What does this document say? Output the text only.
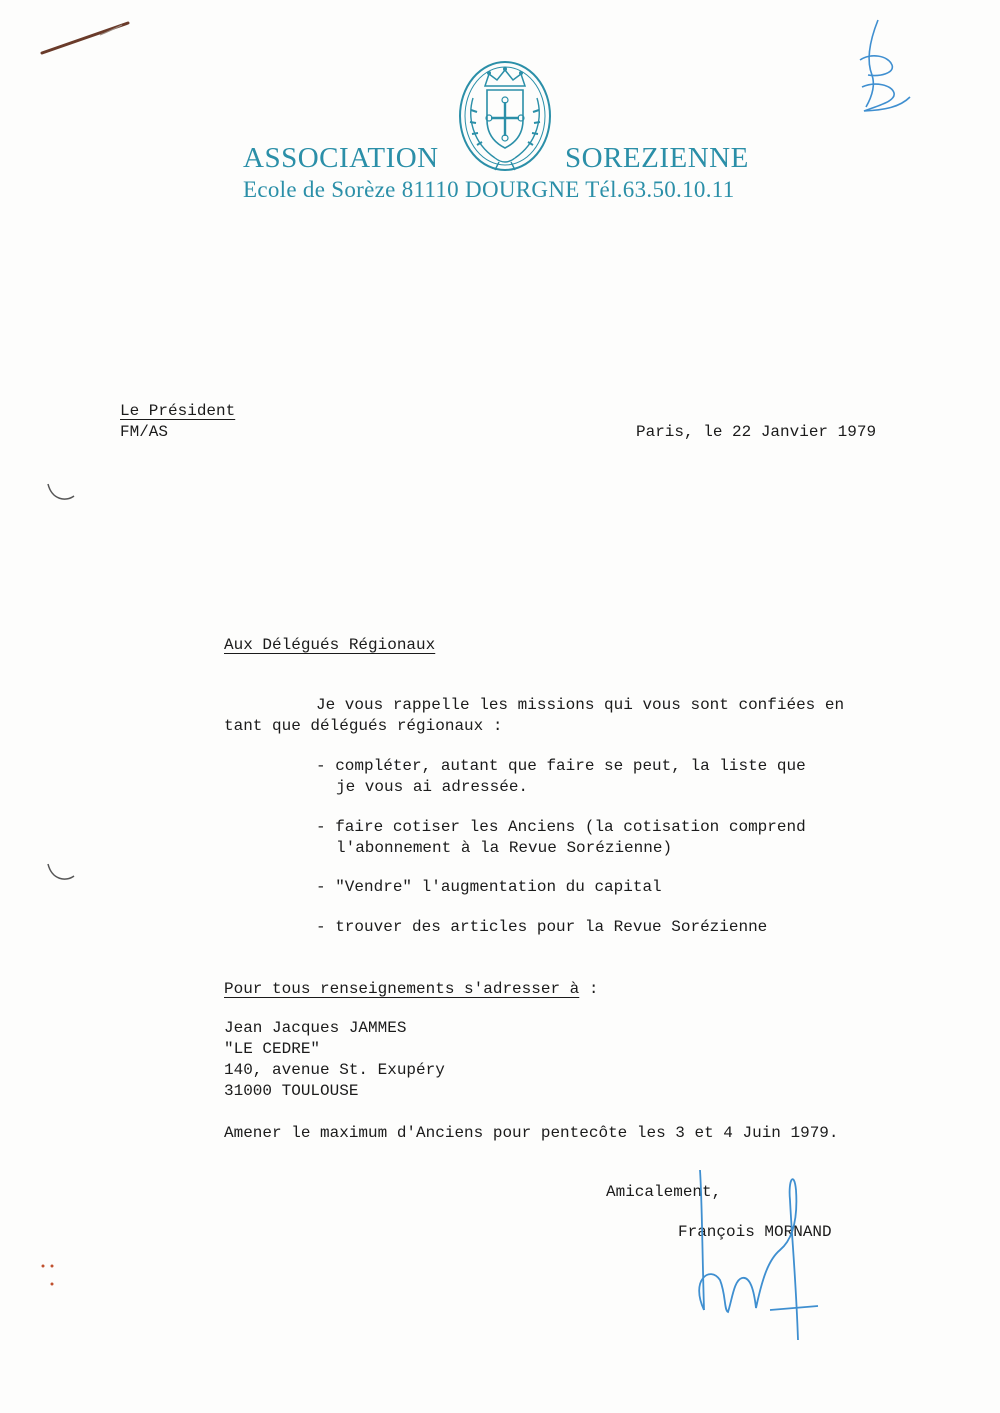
ASSOCIATION	SOREZIENNE
Ecole de Sorèze 81110 DOURGNE Tél.63.50.10.11
Le Président
FM/AS	Paris, le 22 Janvier 1979
Aux Délégués Régionaux
Je vous rappelle les missions qui vous sont confiées en
tant que délégués régionaux :
- compléter, autant que faire se peut, la liste que
je vous ai adressée.
- faire cotiser les Anciens (la cotisation comprend
l'abonnement à la Revue Sorézienne)
- "Vendre" l'augmentation du capital
- trouver des articles pour la Revue Sorézienne
Pour tous renseignements s'adresser à :
Jean Jacques JAMMES
"LE CEDRE"
140, avenue St. Exupéry
31000 TOULOUSE
Amener le maximum d'Anciens pour pentecôte les 3 et 4 Juin 1979.
Amicalement,
François MORNAND
